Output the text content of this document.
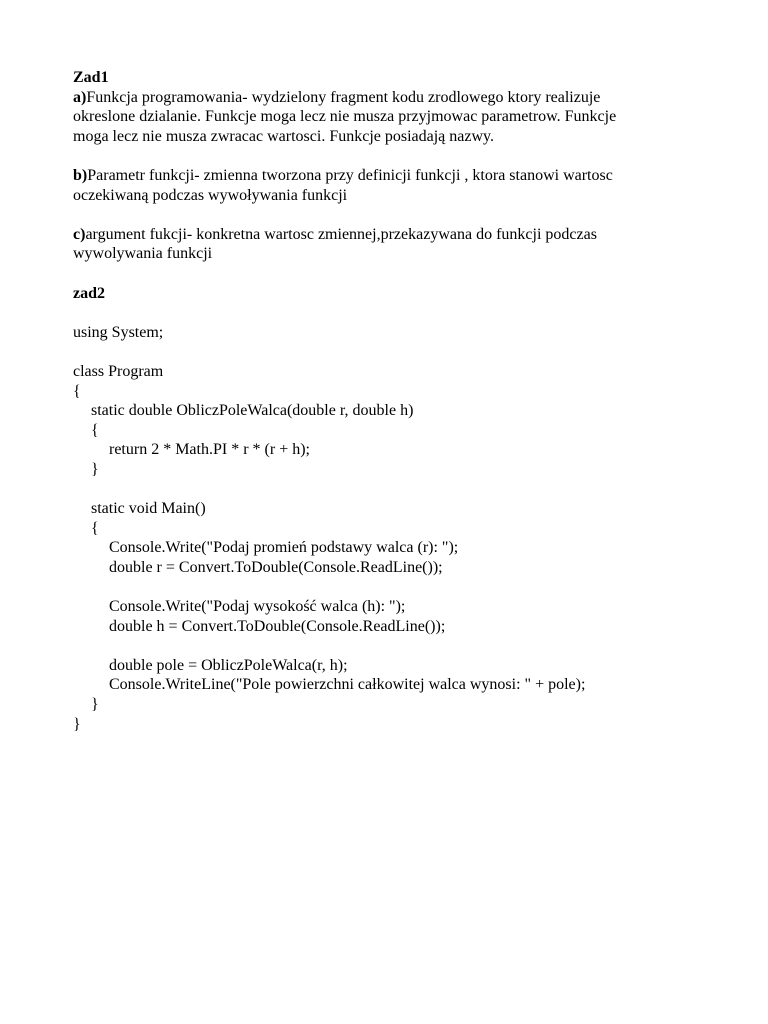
Zad1
a)Funkcja programowania- wydzielony fragment kodu zrodlowego ktory realizuje
okreslone dzialanie. Funkcje moga lecz nie musza przyjmowac parametrow. Funkcje
moga lecz nie musza zwracac wartosci. Funkcje posiadają nazwy.
b)Parametr funkcji- zmienna tworzona przy definicji funkcji , ktora stanowi wartosc
oczekiwaną podczas wywoływania funkcji
c)argument fukcji- konkretna wartosc zmiennej,przekazywana do funkcji podczas
wywolywania funkcji
zad2
using System;
class Program
{
static double ObliczPoleWalca(double r, double h)
{
return 2 * Math.PI * r * (r + h);
}
static void Main()
{
Console.Write("Podaj promień podstawy walca (r): ");
double r = Convert.ToDouble(Console.ReadLine());
Console.Write("Podaj wysokość walca (h): ");
double h = Convert.ToDouble(Console.ReadLine());
double pole = ObliczPoleWalca(r, h);
Console.WriteLine("Pole powierzchni całkowitej walca wynosi: " + pole);
}
}
